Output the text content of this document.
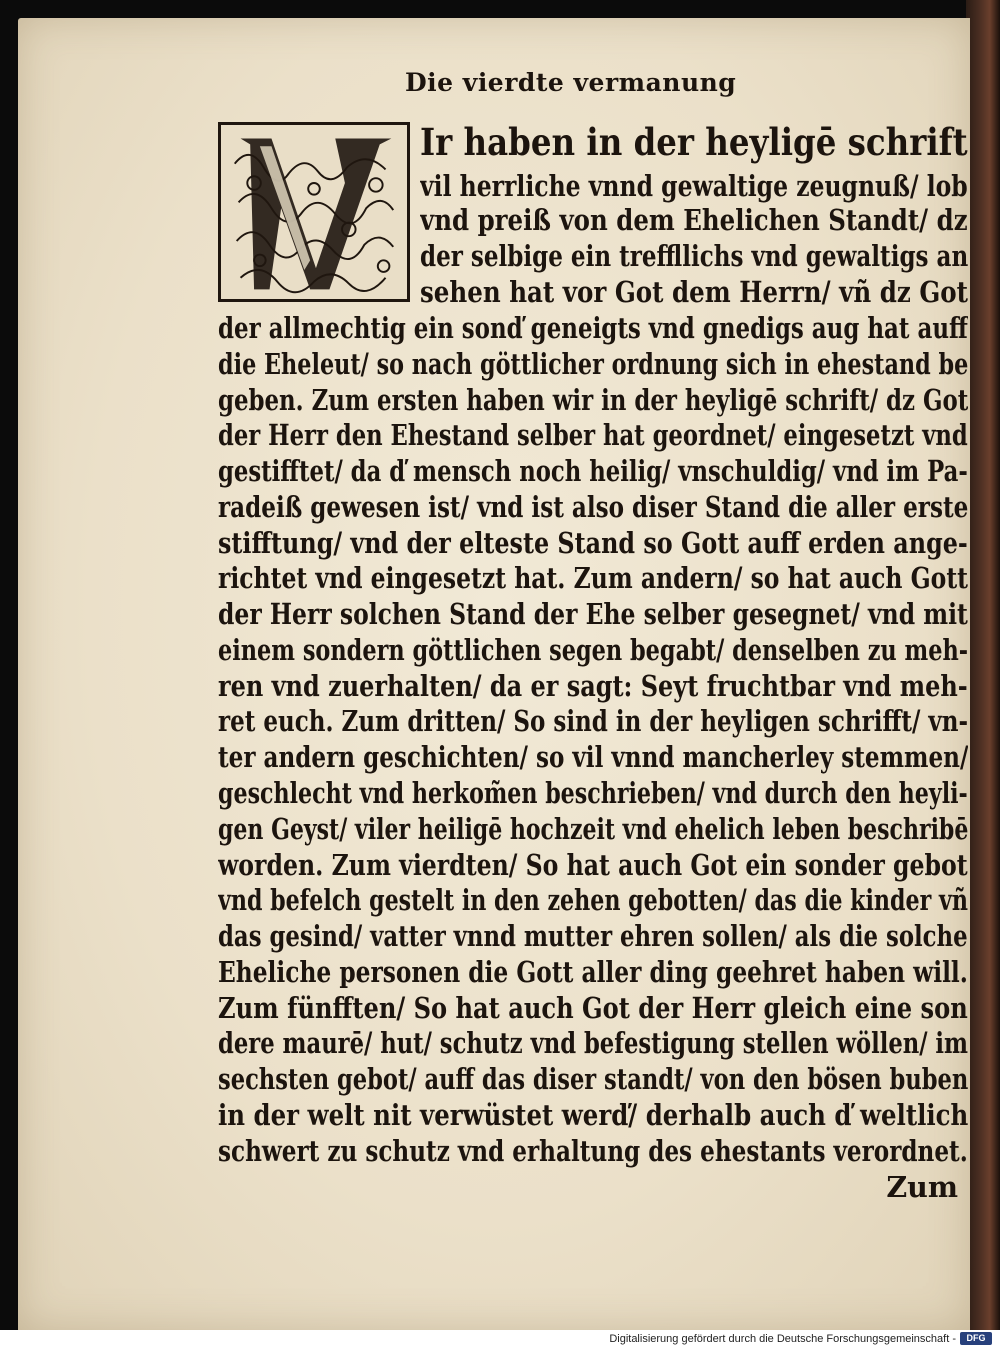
Die vierdte vermanung
Ir haben in der heyligē schrift
vil herrliche vnnd gewaltige zeugnuß/ lob
vnd preiß von dem Ehelichen Standt/ dz
der selbige ein treffllichs vnd gewaltigs an
sehen hat vor Got dem Herrn/ vñ dz Got
der allmechtig ein sonď geneigts vnd gnedigs aug hat auff
die Eheleut/ so nach göttlicher ordnung sich in ehestand be
geben. Zum ersten haben wir in der heyligē schrift/ dz Got
der Herr den Ehestand selber hat geordnet/ eingesetzt vnd
gestifftet/ da ď mensch noch heilig/ vnschuldig/ vnd im Pa-
radeiß gewesen ist/ vnd ist also diser Stand die aller erste
stifftung/ vnd der elteste Stand so Gott auff erden ange-
richtet vnd eingesetzt hat. Zum andern/ so hat auch Gott
der Herr solchen Stand der Ehe selber gesegnet/ vnd mit
einem sondern göttlichen segen begabt/ denselben zu meh-
ren vnd zuerhalten/ da er sagt: Seyt fruchtbar vnd meh-
ret euch. Zum dritten/ So sind in der heyligen schrifft/ vn-
ter andern geschichten/ so vil vnnd mancherley stemmen/
geschlecht vnd herkom̃en beschrieben/ vnd durch den heyli-
gen Geyst/ viler heiligē hochzeit vnd ehelich leben beschribē
worden. Zum vierdten/ So hat auch Got ein sonder gebot
vnd befelch gestelt in den zehen gebotten/ das die kinder vñ
das gesind/ vatter vnnd mutter ehren sollen/ als die solche
Eheliche personen die Gott aller ding geehret haben will.
Zum fünfften/ So hat auch Got der Herr gleich eine son
dere maurē/ hut/ schutz vnd befestigung stellen wöllen/ im
sechsten gebot/ auff das diser standt/ von den bösen buben
in der welt nit verwüstet werď/ derhalb auch ď weltlich
schwert zu schutz vnd erhaltung des ehestants verordnet.
Zum
Digitalisierung gefördert durch die Deutsche Forschungsgemeinschaft -	DFG
